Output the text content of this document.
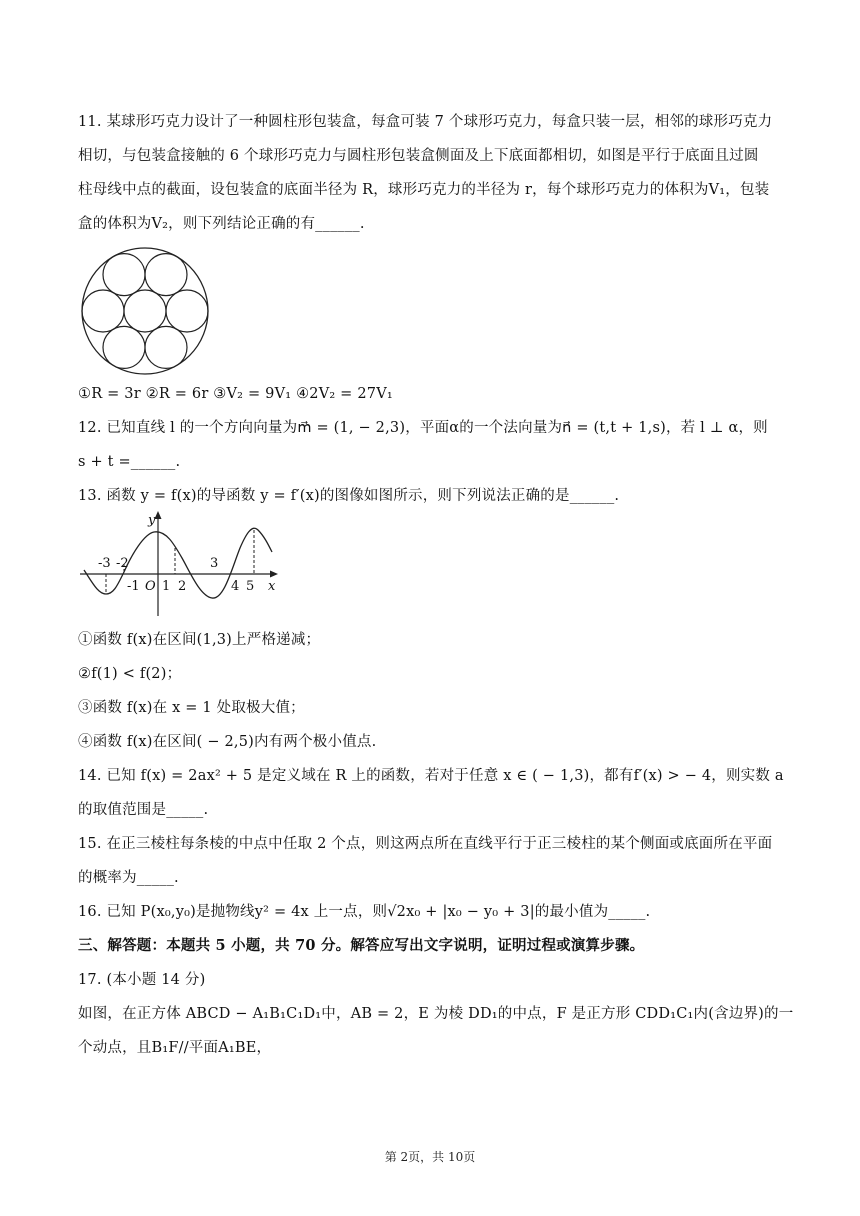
11. 某球形巧克力设计了一种圆柱形包装盒，每盒可装 7 个球形巧克力，每盒只装一层，相邻的球形巧克力
相切，与包装盒接触的 6 个球形巧克力与圆柱形包装盒侧面及上下底面都相切，如图是平行于底面且过圆
柱母线中点的截面，设包装盒的底面半径为 R，球形巧克力的半径为 r，每个球形巧克力的体积为V₁，包装
盒的体积为V₂，则下列结论正确的有______.
①R = 3r ②R = 6r ③V₂ = 9V₁ ④2V₂ = 27V₁
12. 已知直线 l 的一个方向向量为m⃗ = (1, − 2,3)，平面α的一个法向量为n⃗ = (t,t + 1,s)，若 l ⊥ α，则
s + t =______.
13. 函数 y = f(x)的导函数 y = f′(x)的图像如图所示，则下列说法正确的是______.
y
x
O
-3 -2
-1 1 2
3
4 5
①函数 f(x)在区间(1,3)上严格递减；
②f(1) < f(2)；
③函数 f(x)在 x = 1 处取极大值；
④函数 f(x)在区间( − 2,5)内有两个极小值点.
14. 已知 f(x) = 2ax² + 5 是定义域在 R 上的函数，若对于任意 x ∈ ( − 1,3)，都有f′(x) > − 4，则实数 a
的取值范围是_____.
15. 在正三棱柱每条棱的中点中任取 2 个点，则这两点所在直线平行于正三棱柱的某个侧面或底面所在平面
的概率为_____.
16. 已知 P(x₀,y₀)是抛物线y² = 4x 上一点，则√2x₀ + |x₀ − y₀ + 3|的最小值为_____.
三、解答题：本题共 5 小题，共 70 分。解答应写出文字说明，证明过程或演算步骤。
17. (本小题 14 分)
如图，在正方体 ABCD − A₁B₁C₁D₁中，AB = 2，E 为棱 DD₁的中点，F 是正方形 CDD₁C₁内(含边界)的一
个动点，且B₁F//平面A₁BE，
第 2页，共 10页
